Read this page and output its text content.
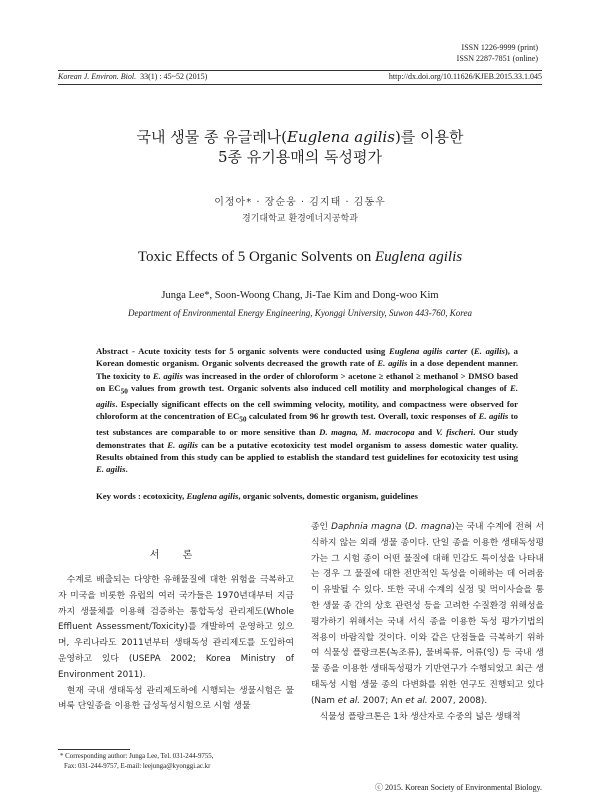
ISSN 1226-9999 (print)
ISSN 2287-7851 (online)
Korean J. Environ. Biol. 33(1) : 45~52 (2015)	http://dx.doi.org/10.11626/KJEB.2015.33.1.045
국내 생물 종 유글레나(Euglena agilis)를 이용한
5종 유기용매의 독성평가
이정아* · 장순웅 · 김지태 · 김동우
경기대학교 환경에너지공학과
Toxic Effects of 5 Organic Solvents on Euglena agilis
Junga Lee*, Soon-Woong Chang, Ji-Tae Kim and Dong-woo Kim
Department of Environmental Energy Engineering, Kyonggi University, Suwon 443-760, Korea
Abstract - Acute toxicity tests for 5 organic solvents were conducted using Euglena agilis carter (E. agilis), a Korean domestic organism. Organic solvents decreased the growth rate of E. agilis in a dose dependent manner. The toxicity to E. agilis was increased in the order of chloroform > acetone ≥ ethanol ≥ methanol > DMSO based on $EC_{50}$ values from growth test. Organic solvents also induced cell motility and morphological changes of E. agilis. Especially significant effects on the cell swimming velocity, motility, and compactness were observed for chloroform at the concentration of $EC_{50}$ calculated from 96 hr growth test. Overall, toxic responses of E. agilis to test substances are comparable to or more sensitive than D. magna, M. macrocopa and V. fischeri. Our study demonstrates that E. agilis can be a putative ecotoxicity test model organism to assess domestic water quality. Results obtained from this study can be applied to establish the standard test guidelines for ecotoxicity test using E. agilis.
Key words : ecotoxicity, Euglena agilis, organic solvents, domestic organism, guidelines
서 론
수계로 배출되는 다양한 유해물질에 대한 위험을 극복하고자 미국을 비롯한 유럽의 여러 국가들은 1970년대부터 지금까지 생물체를 이용해 검증하는 통합독성 관리제도(Whole Effluent Assessment/Toxicity)를 개발하여 운영하고 있으며, 우리나라도 2011년부터 생태독성 관리제도를 도입하여 운영하고 있다 (USEPA 2002; Korea Ministry of Environment 2011).
현재 국내 생태독성 관리제도하에 시행되는 생물시험은 물벼룩 단일종을 이용한 급성독성시험으로 시험 생물
종인 Daphnia magna (D. magna)는 국내 수계에 전혀 서식하지 않는 외래 생물 종이다. 단일 종을 이용한 생태독성평가는 그 시험 종이 어떤 물질에 대해 민감도 특이성을 나타내는 경우 그 물질에 대한 전반적인 독성을 이해하는 데 어려움이 유발될 수 있다. 또한 국내 수계의 실정 및 먹이사슬을 통한 생물 종 간의 상호 관련성 등을 고려한 수질환경 위해성을 평가하기 위해서는 국내 서식 종을 이용한 독성 평가기법의 적용이 바람직할 것이다. 이와 같은 단점들을 극복하기 위하여 식물성 플랑크톤(녹조류), 물벼룩류, 어류(잉) 등 국내 생물 종을 이용한 생태독성평가 기반연구가 수행되었고 최근 생태독성 시험 생물 종의 다변화를 위한 연구도 진행되고 있다 (Nam et al. 2007; An et al. 2007, 2008).
식물성 플랑크톤은 1차 생산자로 수중의 넓은 생태적
* Corresponding author: Junga Lee, Tel. 031-244-9755,
Fax: 031-244-9757, E-mail: leejunga@kyonggi.ac.kr
ⓒ 2015. Korean Society of Environmental Biology.
